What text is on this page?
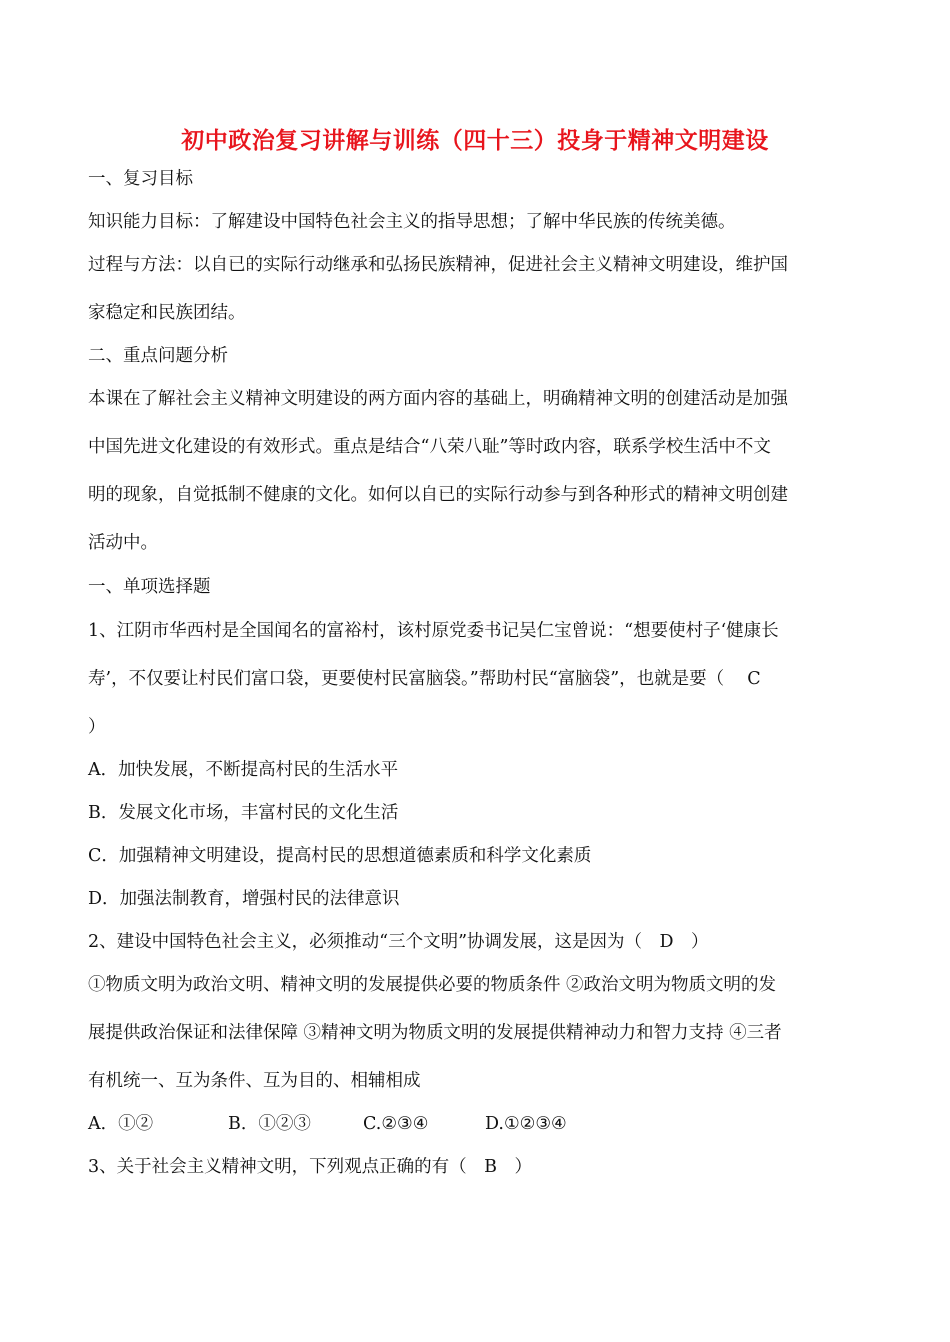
初中政治复习讲解与训练（四十三）投身于精神文明建设
一、复习目标
知识能力目标：了解建设中国特色社会主义的指导思想；了解中华民族的传统美德。
过程与方法：以自已的实际行动继承和弘扬民族精神，促进社会主义精神文明建设，维护国
家稳定和民族团结。
二、重点问题分析
本课在了解社会主义精神文明建设的两方面内容的基础上，明确精神文明的创建活动是加强
中国先进文化建设的有效形式。重点是结合“八荣八耻”等时政内容，联系学校生活中不文
明的现象，自觉抵制不健康的文化。如何以自已的实际行动参与到各种形式的精神文明创建
活动中。
一、单项选择题
1、江阴市华西村是全国闻名的富裕村，该村原党委书记吴仁宝曾说：“想要使村子‘健康长
寿’，不仅要让村民们富口袋，更要使村民富脑袋。”帮助村民“富脑袋”，也就是要（　 C
）
A．加快发展，不断提高村民的生活水平
B．发展文化市场，丰富村民的文化生活
C．加强精神文明建设，提高村民的思想道德素质和科学文化素质
D．加强法制教育，增强村民的法律意识
2、建设中国特色社会主义，必须推动“三个文明”协调发展，这是因为（　D　）
①物质文明为政治文明、精神文明的发展提供必要的物质条件 ②政治文明为物质文明的发
展提供政治保证和法律保障 ③精神文明为物质文明的发展提供精神动力和智力支持 ④三者
有机统一、互为条件、互为目的、相辅相成
A．①②	B．①②③	C.②③④	D.①②③④
3、关于社会主义精神文明，下列观点正确的有（　B　）
